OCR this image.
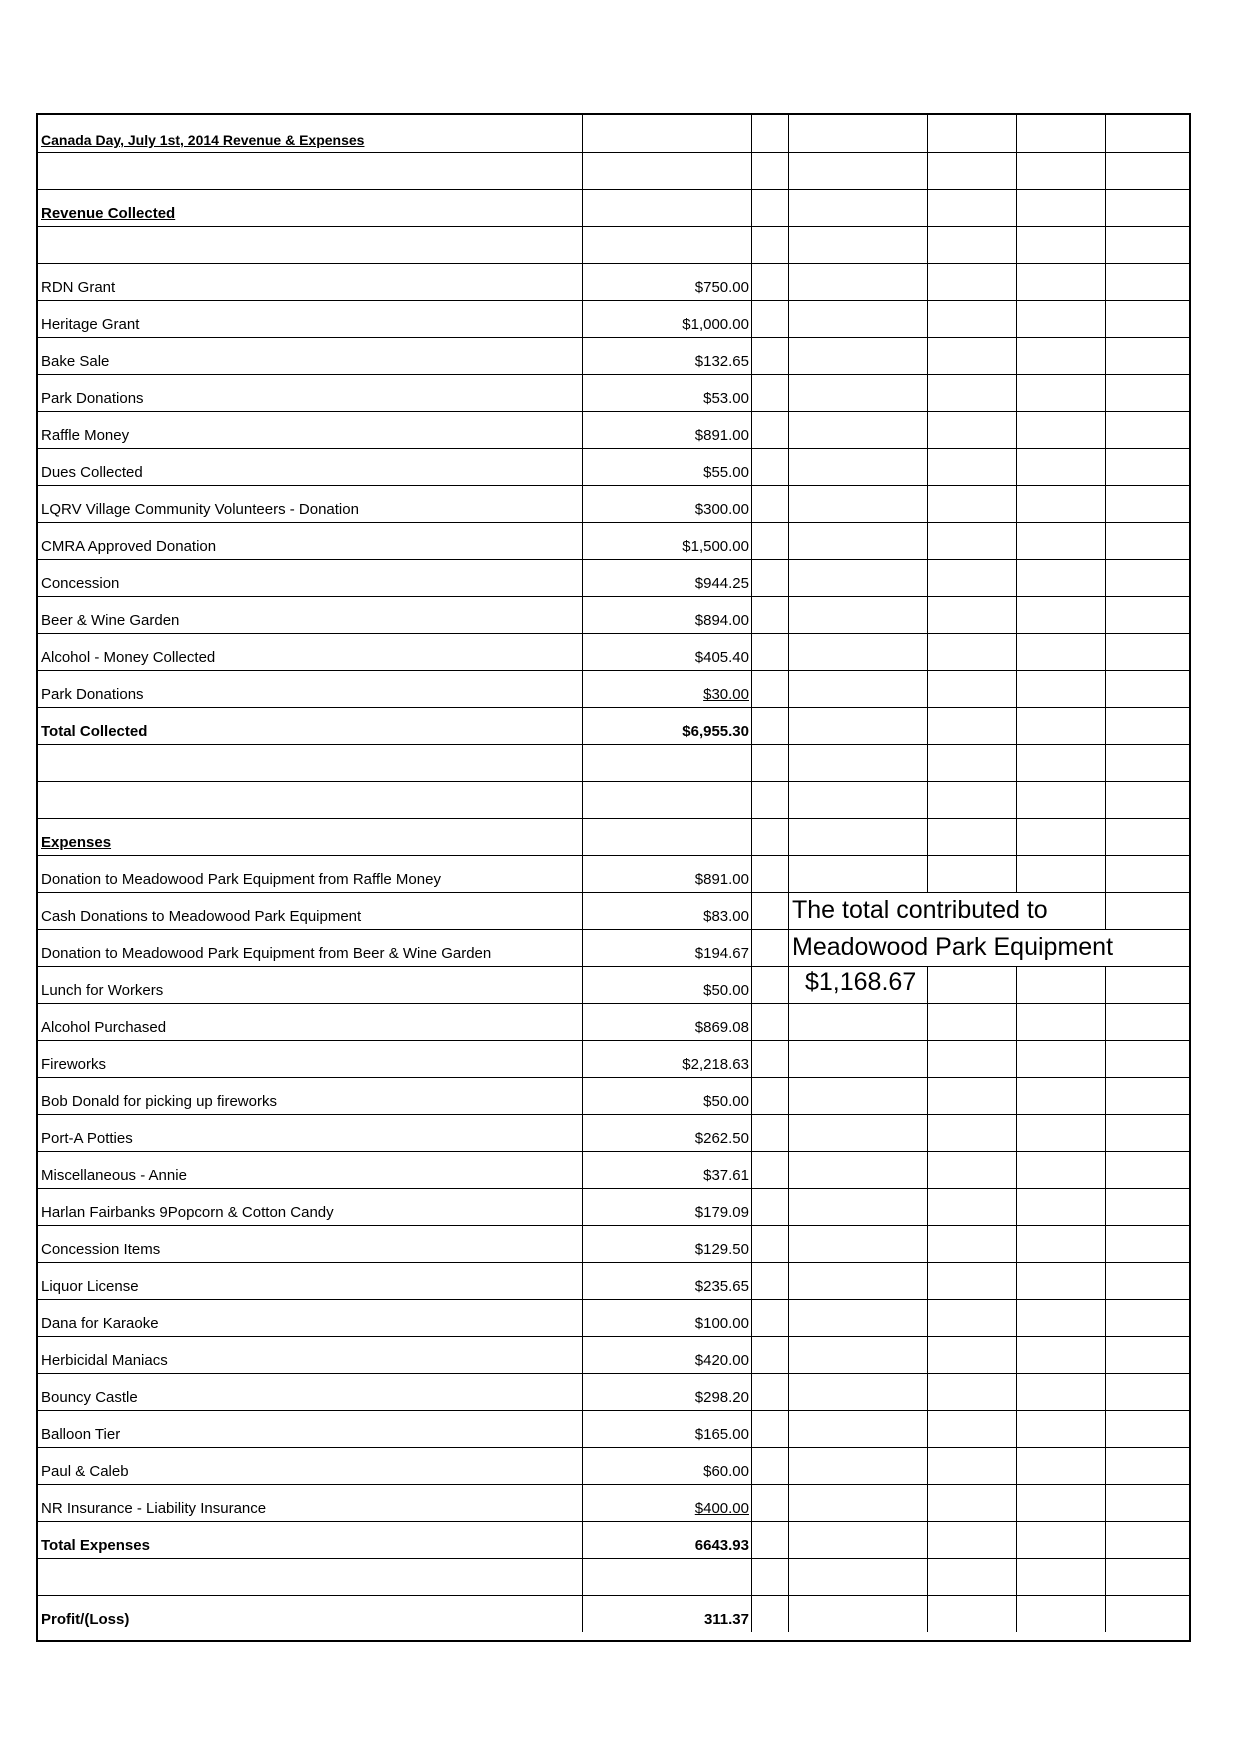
Canada Day, July 1st, 2014 Revenue & Expenses
Revenue Collected
RDN Grant	$750.00
Heritage Grant	$1,000.00
Bake Sale	$132.65
Park Donations	$53.00
Raffle Money	$891.00
Dues Collected	$55.00
LQRV Village Community Volunteers - Donation	$300.00
CMRA Approved Donation	$1,500.00
Concession	$944.25
Beer & Wine Garden	$894.00
Alcohol - Money Collected	$405.40
Park Donations	$30.00
Total Collected	$6,955.30
Expenses
Donation to Meadowood Park Equipment from Raffle Money	$891.00
Cash Donations to Meadowood Park Equipment	$83.00
Donation to Meadowood Park Equipment from Beer & Wine Garden	$194.67
Lunch for Workers	$50.00
Alcohol Purchased	$869.08
Fireworks	$2,218.63
Bob Donald for picking up fireworks	$50.00
Port-A Potties	$262.50
Miscellaneous - Annie	$37.61
Harlan Fairbanks 9Popcorn & Cotton Candy	$179.09
Concession Items	$129.50
Liquor License	$235.65
Dana for Karaoke	$100.00
Herbicidal Maniacs	$420.00
Bouncy Castle	$298.20
Balloon Tier	$165.00
Paul & Caleb	$60.00
NR Insurance - Liability Insurance	$400.00
Total Expenses	6643.93
Profit/(Loss)	311.37
The total contributed to
Meadowood Park Equipment
$1,168.67
